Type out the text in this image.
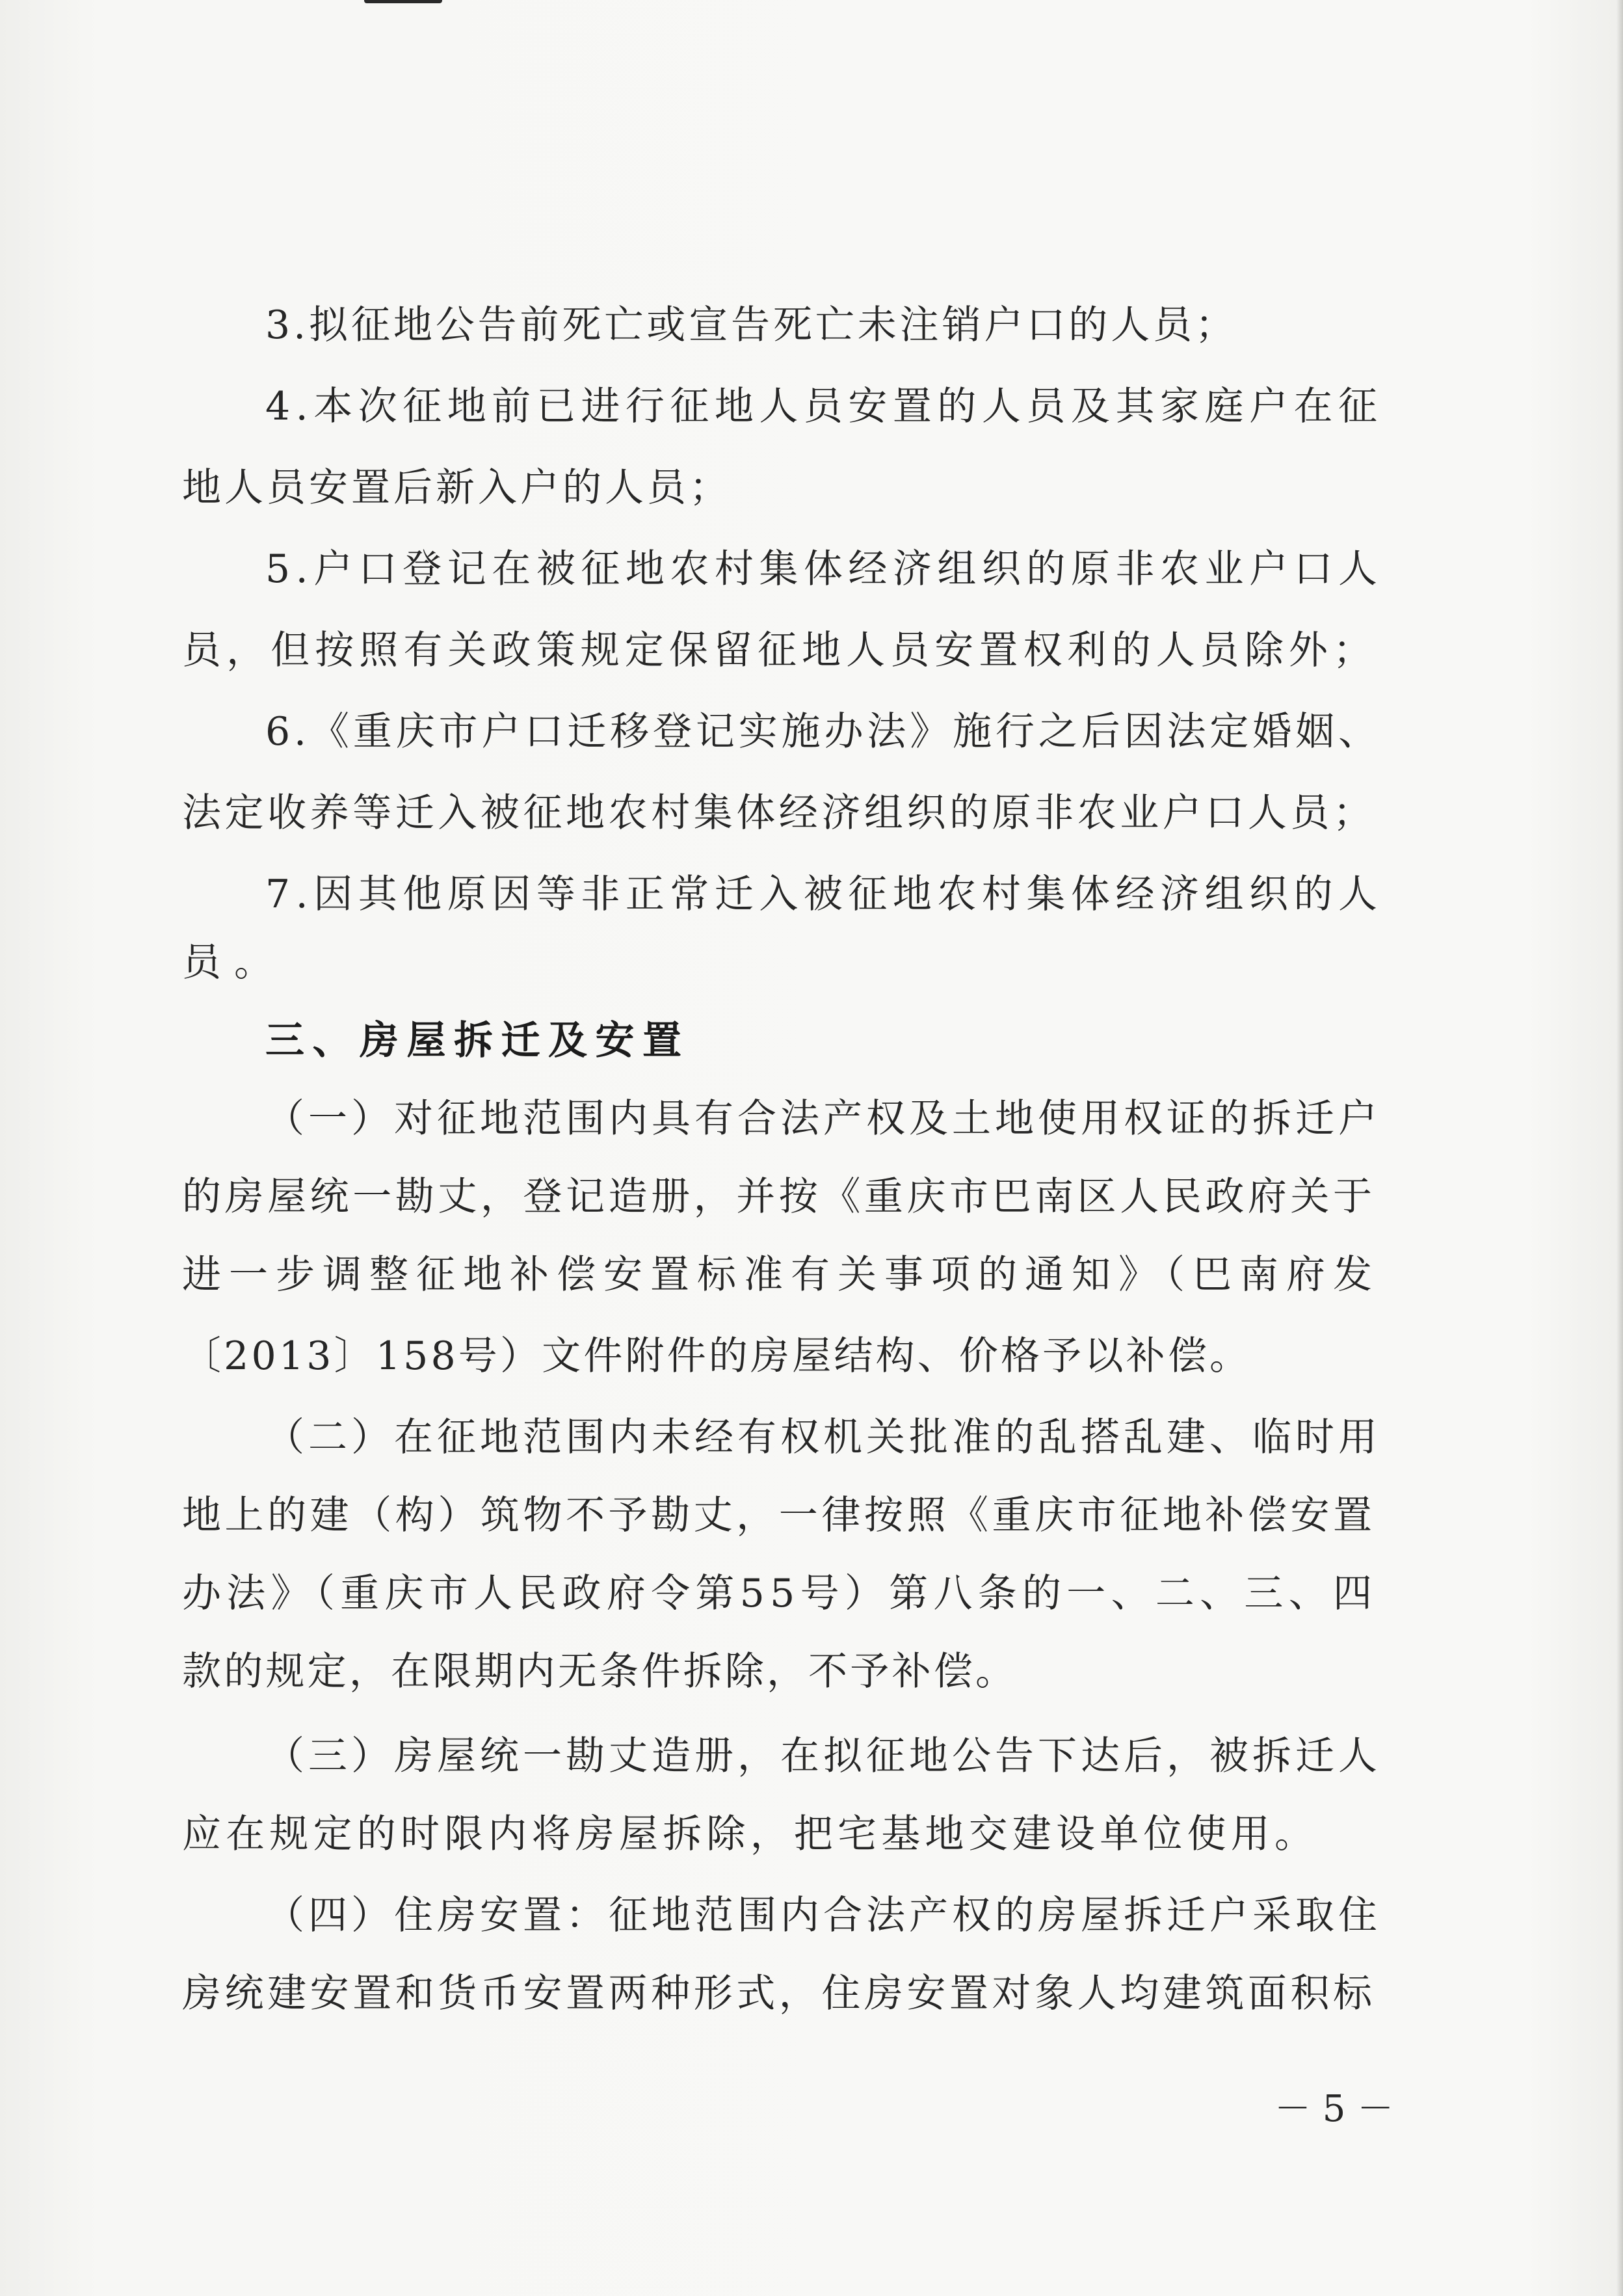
3.拟征地公告前死亡或宣告死亡未注销户口的人员；
4.本次征地前已进行征地人员安置的人员及其家庭户在征
地人员安置后新入户的人员；
5.户口登记在被征地农村集体经济组织的原非农业户口人
员，但按照有关政策规定保留征地人员安置权利的人员除外；
6.《重庆市户口迁移登记实施办法》施行之后因法定婚姻、
法定收养等迁入被征地农村集体经济组织的原非农业户口人员；
7.因其他原因等非正常迁入被征地农村集体经济组织的人
员。
三、房屋拆迁及安置
（一）对征地范围内具有合法产权及土地使用权证的拆迁户
的房屋统一勘丈，登记造册，并按《重庆市巴南区人民政府关于
进一步调整征地补偿安置标准有关事项的通知》（巴南府发
〔2013〕158号）文件附件的房屋结构、价格予以补偿。
（二）在征地范围内未经有权机关批准的乱搭乱建、临时用
地上的建（构）筑物不予勘丈，一律按照《重庆市征地补偿安置
办法》（重庆市人民政府令第55号）第八条的一、二、三、四
款的规定，在限期内无条件拆除，不予补偿。
（三）房屋统一勘丈造册，在拟征地公告下达后，被拆迁人
应在规定的时限内将房屋拆除，把宅基地交建设单位使用。
（四）住房安置：征地范围内合法产权的房屋拆迁户采取住
房统建安置和货币安置两种形式，住房安置对象人均建筑面积标
－ 5 －
